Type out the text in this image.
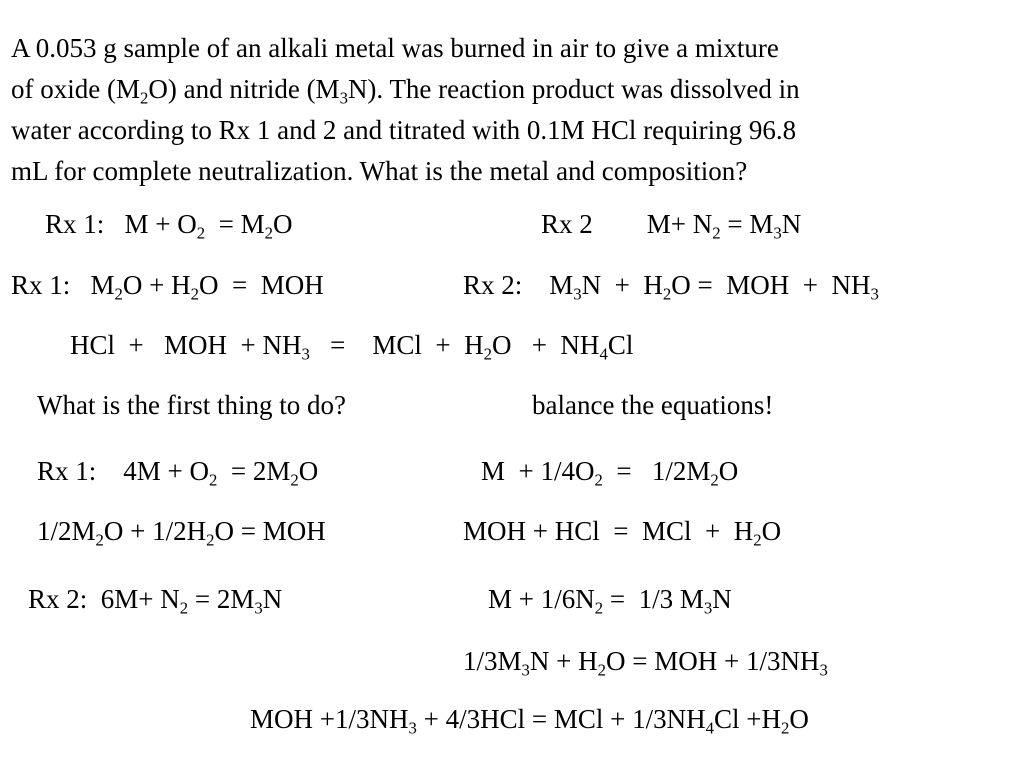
A 0.053 g sample of an alkali metal was burned in air to give a mixture
of oxide $(M_2O)$ and nitride $(M_3N)$. The reaction product was dissolved in
water according to Rx 1 and 2 and titrated with 0.1M HCl requiring 96.8
mL for complete neutralization. What is the metal and composition?
Rx 1:   $M + O_2 = M_2O$	Rx 2        $M+ N_2 = M_3N$
Rx 1:   $M_2O + H_2O$  =  MOH	Rx 2:    $M_3N + H_2O$ =  MOH  +  $NH_3$
HCl  +   MOH  + $NH_3$   =    MCl  +  $H_2O + NH_4Cl$
What is the first thing to do?	balance the equations!
Rx 1:    $4M + O_2 = 2M_2O$	$M + 1/4O_2 = 1/2M_2O$
$1/2M_2O + 1/2H_2O$ = MOH	MOH + HCl  =  MCl  +  $H_2O$
Rx 2:  $6M+ N_2 = 2M_3N$	$M + 1/6N_2 = 1/3$ $M_3N$
$1/3M_3N + H_2O$ = MOH + $1/3NH_3$
MOH $+1/3NH_3 + 4/3HCl$ = MCl + $1/3NH_4Cl +H_2O$
